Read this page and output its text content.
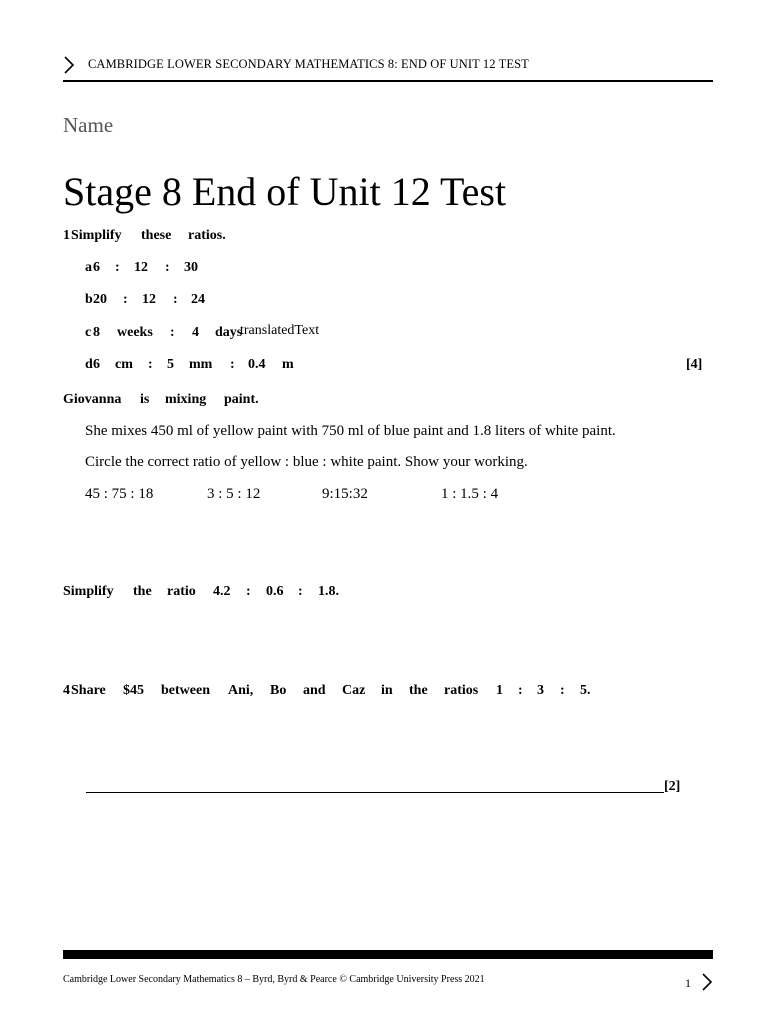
CAMBRIDGE LOWER SECONDARY MATHEMATICS 8: END OF UNIT 12 TEST
Name
Stage 8 End of Unit 12 Test
1 Simplify these ratios.
a 6 : 12 : 30
b 20 : 12 : 24
c 8 weeks : 4 days
translatedText
d 6 cm : 5 mm : 0.4 m	[4]
Giovanna is mixing paint.
She mixes 450 ml of yellow paint with 750 ml of blue paint and 1.8 liters of white paint.
Circle the correct ratio of yellow : blue : white paint. Show your working.
45 : 75 : 18	3 : 5 : 12	9:15:32	1 : 1.5 : 4
Simplify the ratio 4.2 : 0.6 : 1.8.
4 Share $45 between Ani, Bo and Caz in the ratios 1 : 3 : 5.
[2]
Cambridge Lower Secondary Mathematics 8 – Byrd, Byrd & Pearce © Cambridge University Press 2021	1
